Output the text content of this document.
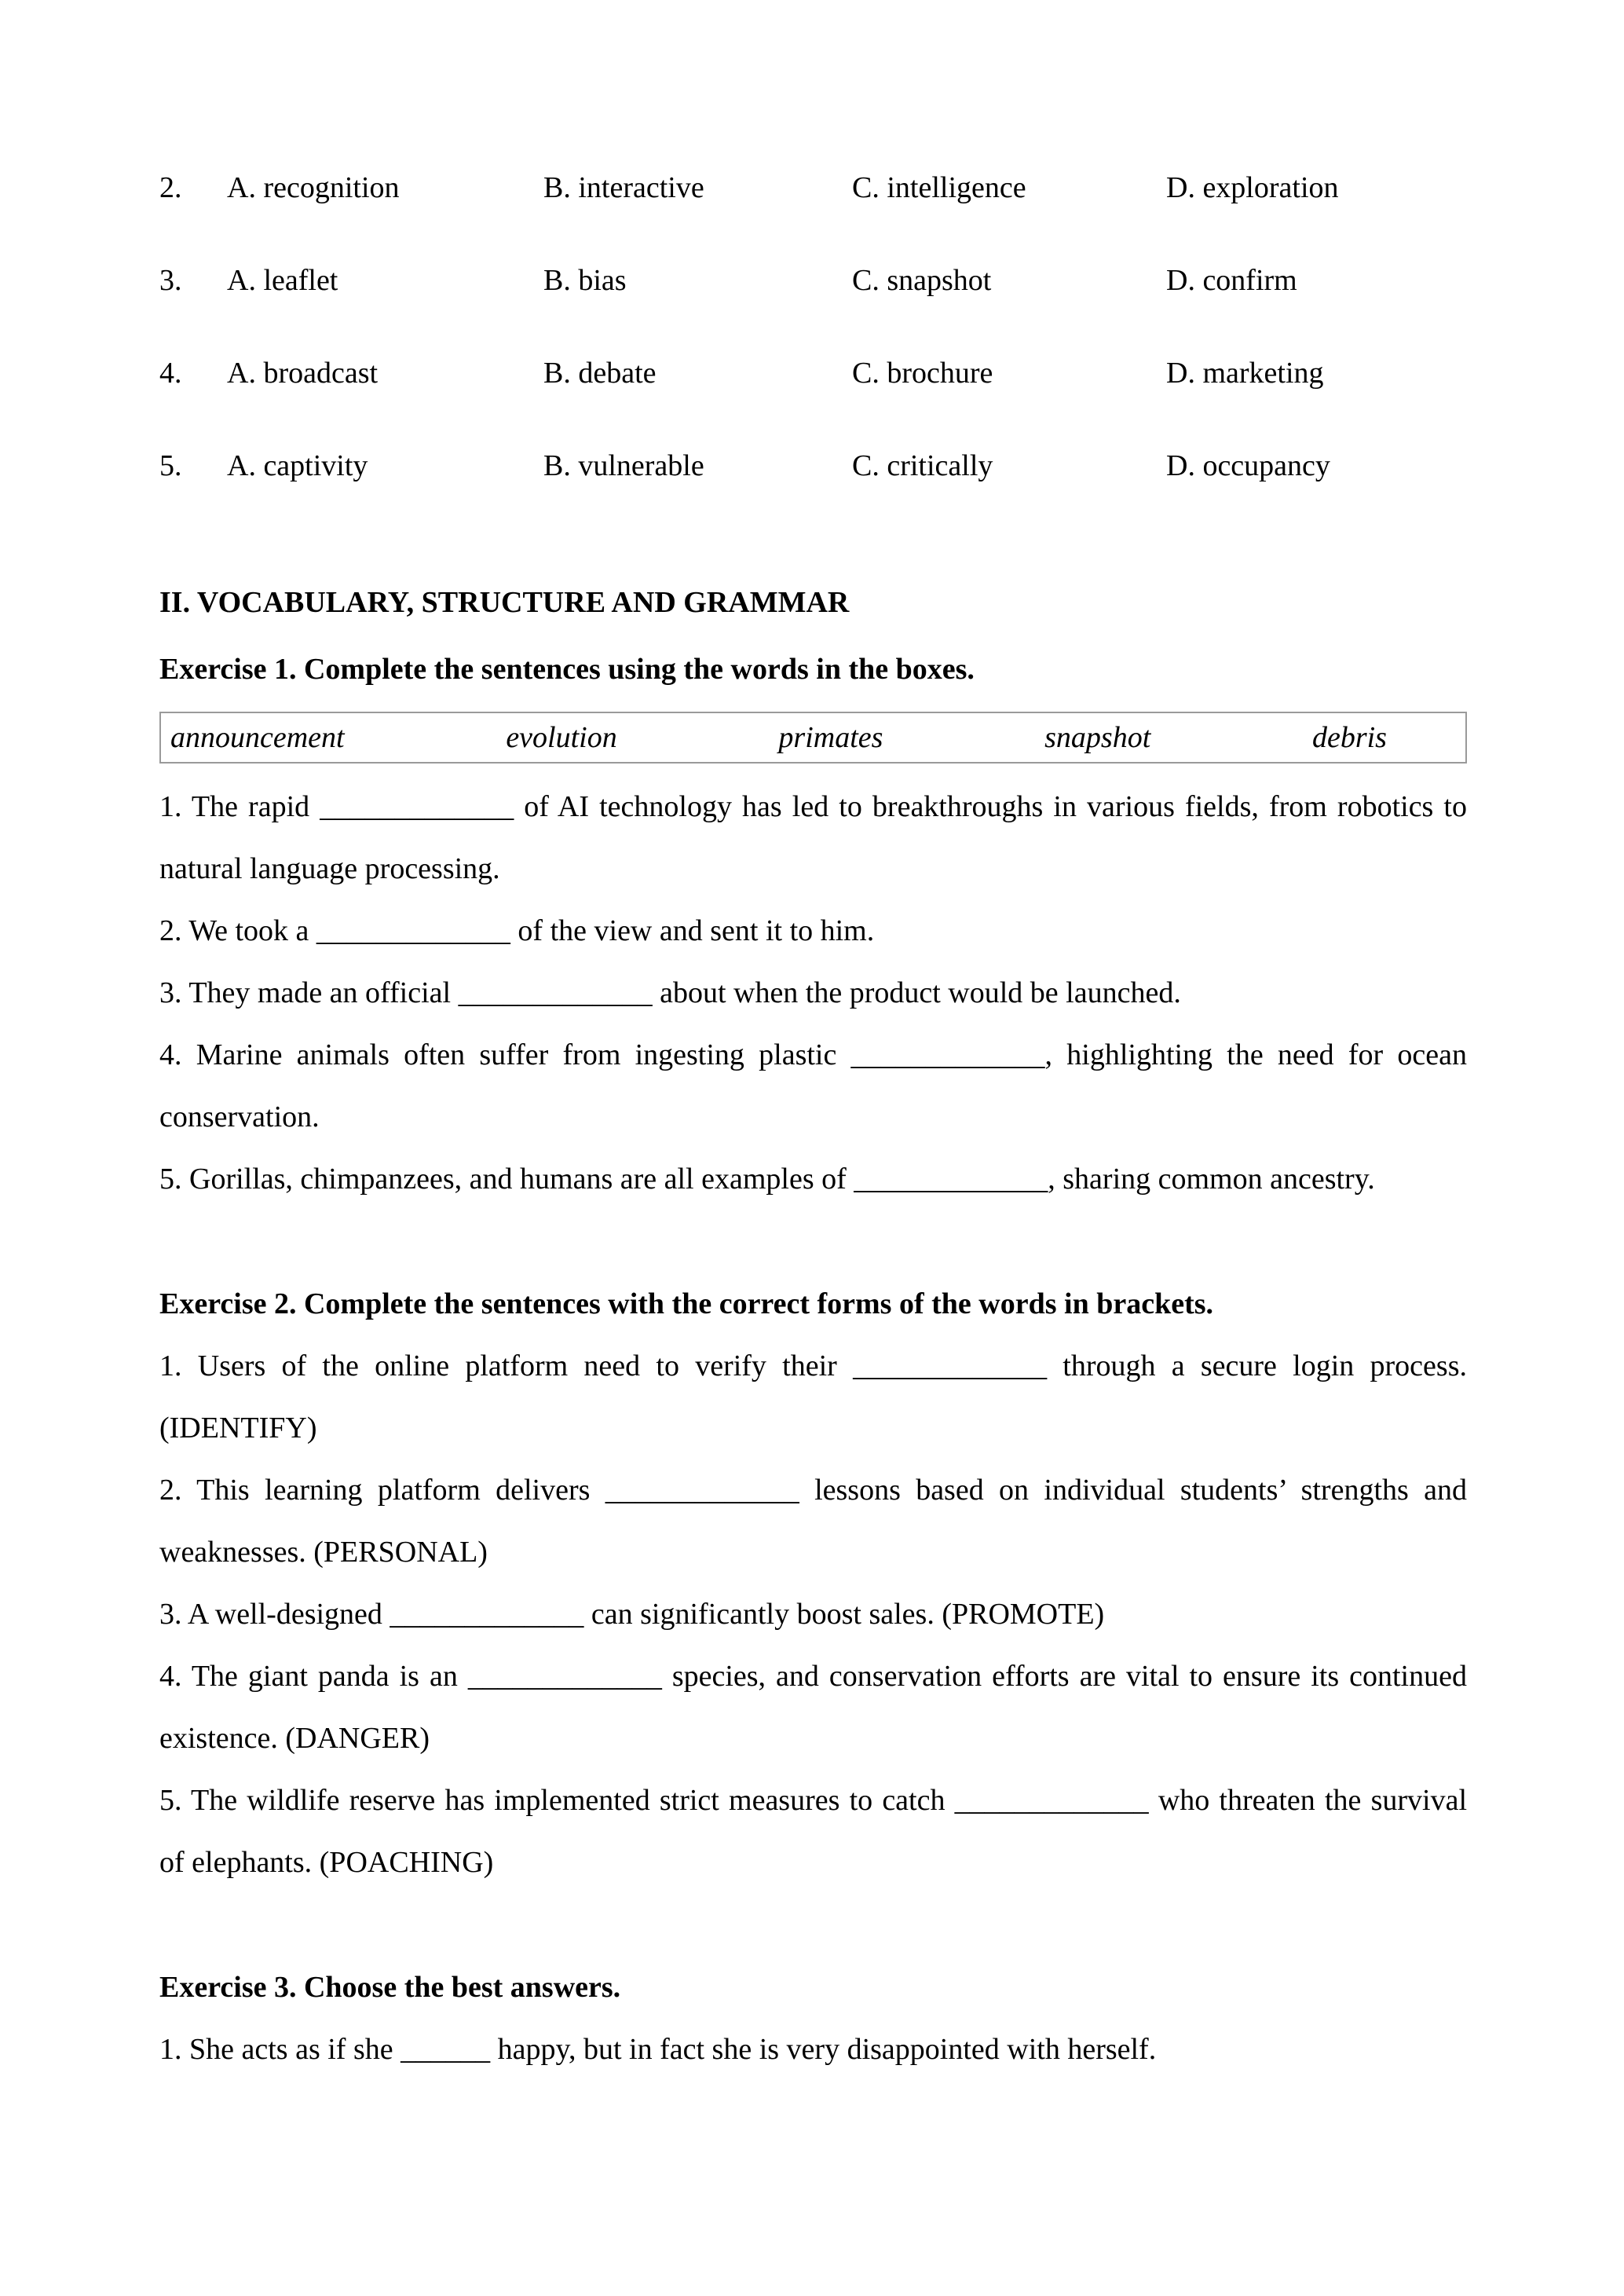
2.	A. recognition	B. interactive	C. intelligence	D. exploration
3.	A. leaflet	B. bias	C. snapshot	D. confirm
4.	A. broadcast	B. debate	C. brochure	D. marketing
5.	A. captivity	B. vulnerable	C. critically	D. occupancy
II. VOCABULARY, STRUCTURE AND GRAMMAR
Exercise 1. Complete the sentences using the words in the boxes.
announcement	evolution	primates	snapshot	debris

1. The rapid _____________ of AI technology has led to breakthroughs in various fields, from robotics to natural language processing.

2. We took a _____________ of the view and sent it to him.

3. They made an official _____________ about when the product would be launched.

4. Marine animals often suffer from ingesting plastic _____________, highlighting the need for ocean conservation.

5. Gorillas, chimpanzees, and humans are all examples of _____________, sharing common ancestry.

Exercise 2. Complete the sentences with the correct forms of the words in brackets.

1. Users of the online platform need to verify their _____________ through a secure login process. (IDENTIFY)

2. This learning platform delivers _____________ lessons based on individual students’ strengths and weaknesses. (PERSONAL)

3. A well-designed _____________ can significantly boost sales. (PROMOTE)

4. The giant panda is an _____________ species, and conservation efforts are vital to ensure its continued existence. (DANGER)

5. The wildlife reserve has implemented strict measures to catch _____________ who threaten the survival of elephants. (POACHING)

Exercise 3. Choose the best answers.

1. She acts as if she ______ happy, but in fact she is very disappointed with herself.
